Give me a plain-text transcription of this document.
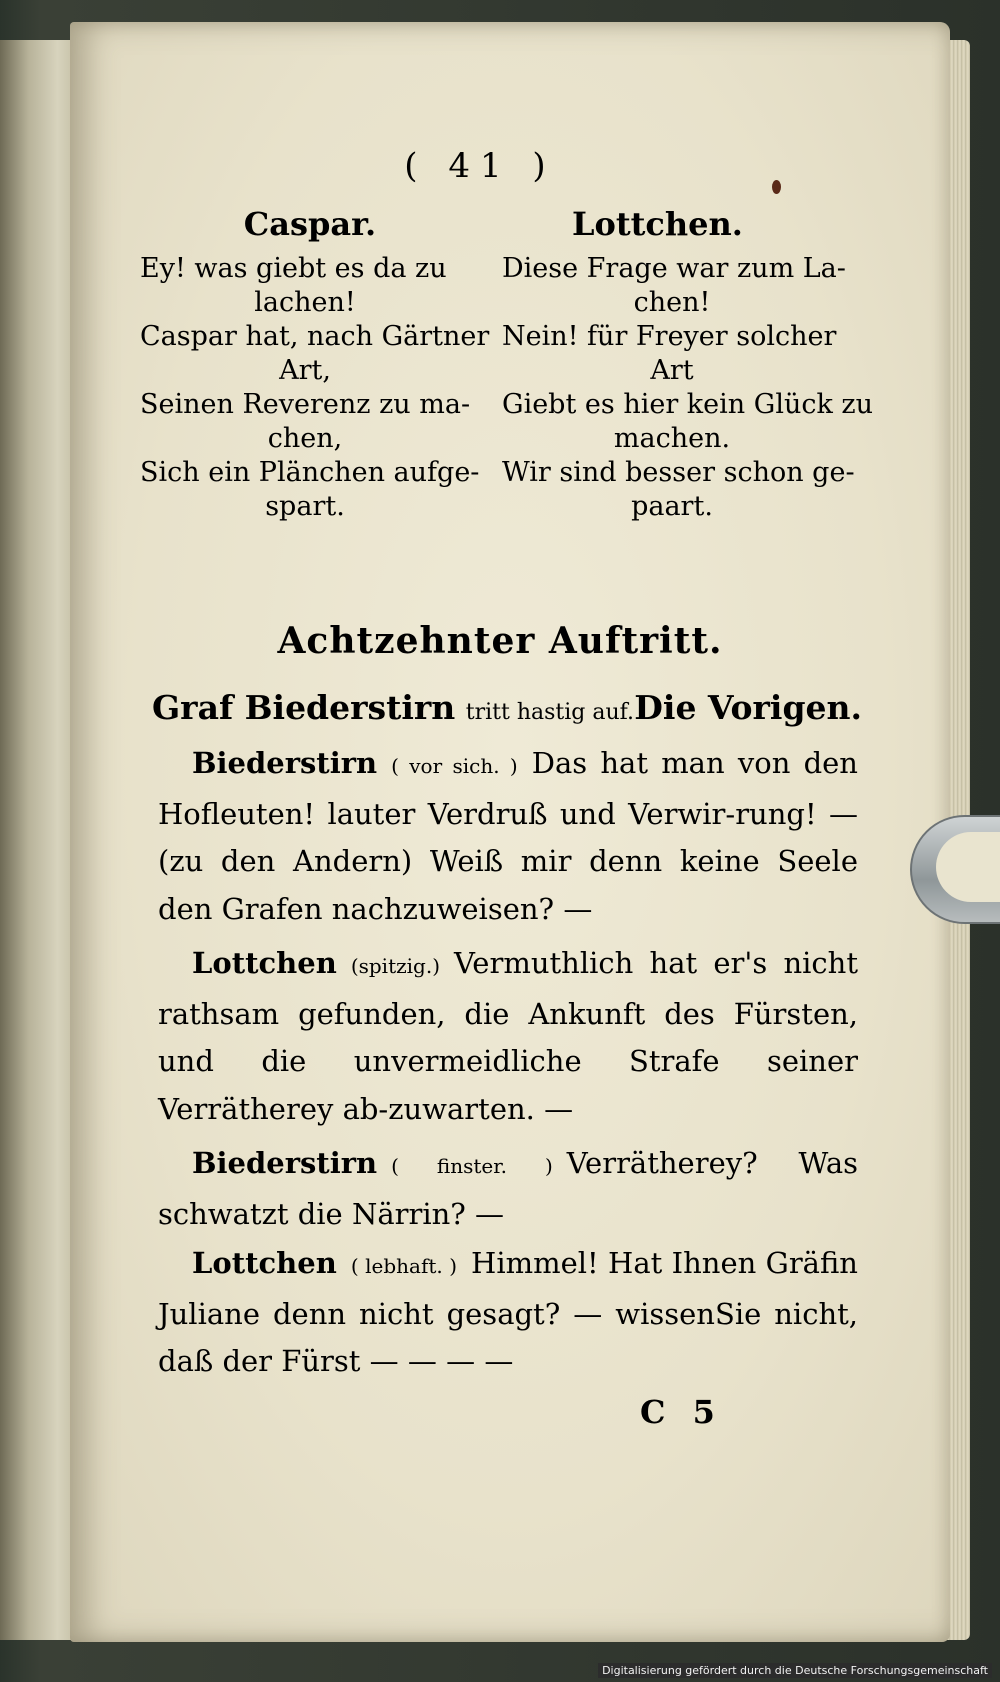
( 41 )
Caspar.	Lottchen.
Ey! was giebt es da zu
lachen!
Caspar hat, nach Gärtner
Art,
Seinen Reverenz zu ma-
chen,
Sich ein Plänchen aufge-
spart.
Diese Frage war zum La-
chen!
Nein! für Freyer solcher
Art
Giebt es hier kein Glück zu
machen.
Wir sind besser schon ge-
paart.
Achtzehnter Auftritt.
Graf Biederstirn tritt hastig auf. Die Vorigen.
Biederstirn ( vor sich. ) Das hat man von den Hofleuten! lauter Verdruß und Verwir-rung! — (zu den Andern) Weiß mir denn keine Seele den Grafen nachzuweisen? —
Lottchen (spitzig.) Vermuthlich hat er's nicht rathsam gefunden, die Ankunft des Fürsten, und die unvermeidliche Strafe seiner Verrätherey ab-zuwarten. —
Biederstirn ( finster. ) Verrätherey? Was schwatzt die Närrin? —
Lottchen ( lebhaft. ) Himmel! Hat Ihnen Gräfin Juliane denn nicht gesagt? — wissenSie nicht, daß der Fürst — — — —
C 5
Digitalisierung gefördert durch die Deutsche Forschungsgemeinschaft
